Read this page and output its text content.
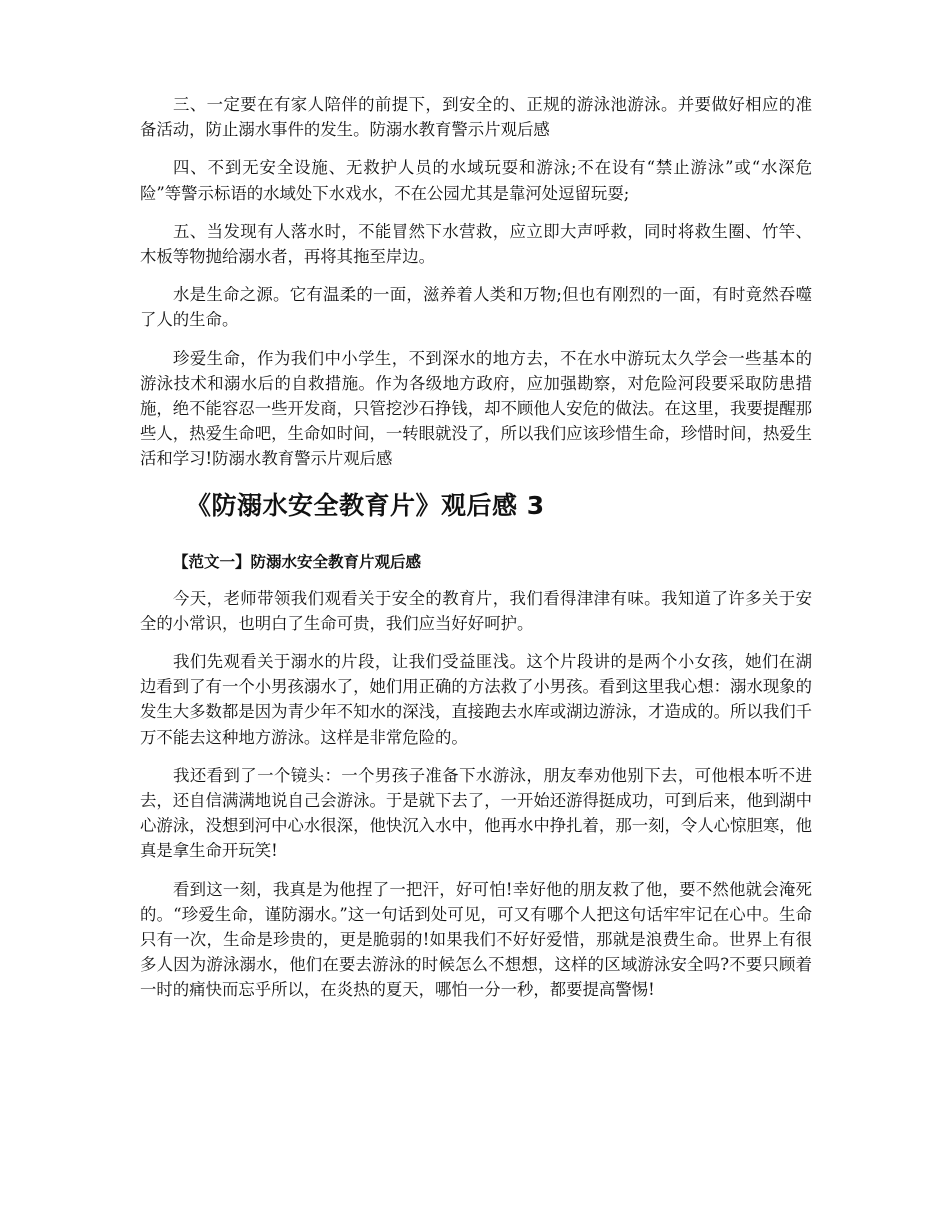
三、一定要在有家人陪伴的前提下，到安全的、正规的游泳池游泳。并要做好相应的准备活动，防止溺水事件的发生。防溺水教育警示片观后感

四、不到无安全设施、无救护人员的水域玩耍和游泳;不在设有“禁止游泳”或“水深危险”等警示标语的水域处下水戏水，不在公园尤其是靠河处逗留玩耍;

五、当发现有人落水时，不能冒然下水营救，应立即大声呼救，同时将救生圈、竹竿、木板等物抛给溺水者，再将其拖至岸边。

水是生命之源。它有温柔的一面，滋养着人类和万物;但也有刚烈的一面，有时竟然吞噬了人的生命。

珍爱生命，作为我们中小学生，不到深水的地方去，不在水中游玩太久学会一些基本的游泳技术和溺水后的自救措施。作为各级地方政府，应加强勘察，对危险河段要采取防患措施，绝不能容忍一些开发商，只管挖沙石挣钱，却不顾他人安危的做法。在这里，我要提醒那些人，热爱生命吧，生命如时间，一转眼就没了，所以我们应该珍惜生命，珍惜时间，热爱生活和学习!防溺水教育警示片观后感

《防溺水安全教育片》观后感 3
【范文一】防溺水安全教育片观后感

今天，老师带领我们观看关于安全的教育片，我们看得津津有味。我知道了许多关于安全的小常识，也明白了生命可贵，我们应当好好呵护。

我们先观看关于溺水的片段，让我们受益匪浅。这个片段讲的是两个小女孩，她们在湖边看到了有一个小男孩溺水了，她们用正确的方法救了小男孩。看到这里我心想：溺水现象的发生大多数都是因为青少年不知水的深浅，直接跑去水库或湖边游泳，才造成的。所以我们千万不能去这种地方游泳。这样是非常危险的。

我还看到了一个镜头：一个男孩子准备下水游泳，朋友奉劝他别下去，可他根本听不进去，还自信满满地说自己会游泳。于是就下去了，一开始还游得挺成功，可到后来，他到湖中心游泳，没想到河中心水很深，他快沉入水中，他再水中挣扎着，那一刻，令人心惊胆寒，他真是拿生命开玩笑!

看到这一刻，我真是为他捏了一把汗，好可怕!幸好他的朋友救了他，要不然他就会淹死的。“珍爱生命，谨防溺水。”这一句话到处可见，可又有哪个人把这句话牢牢记在心中。生命只有一次，生命是珍贵的，更是脆弱的!如果我们不好好爱惜，那就是浪费生命。世界上有很多人因为游泳溺水，他们在要去游泳的时候怎么不想想，这样的区域游泳安全吗?不要只顾着一时的痛快而忘乎所以，在炎热的夏天，哪怕一分一秒，都要提高警惕!
